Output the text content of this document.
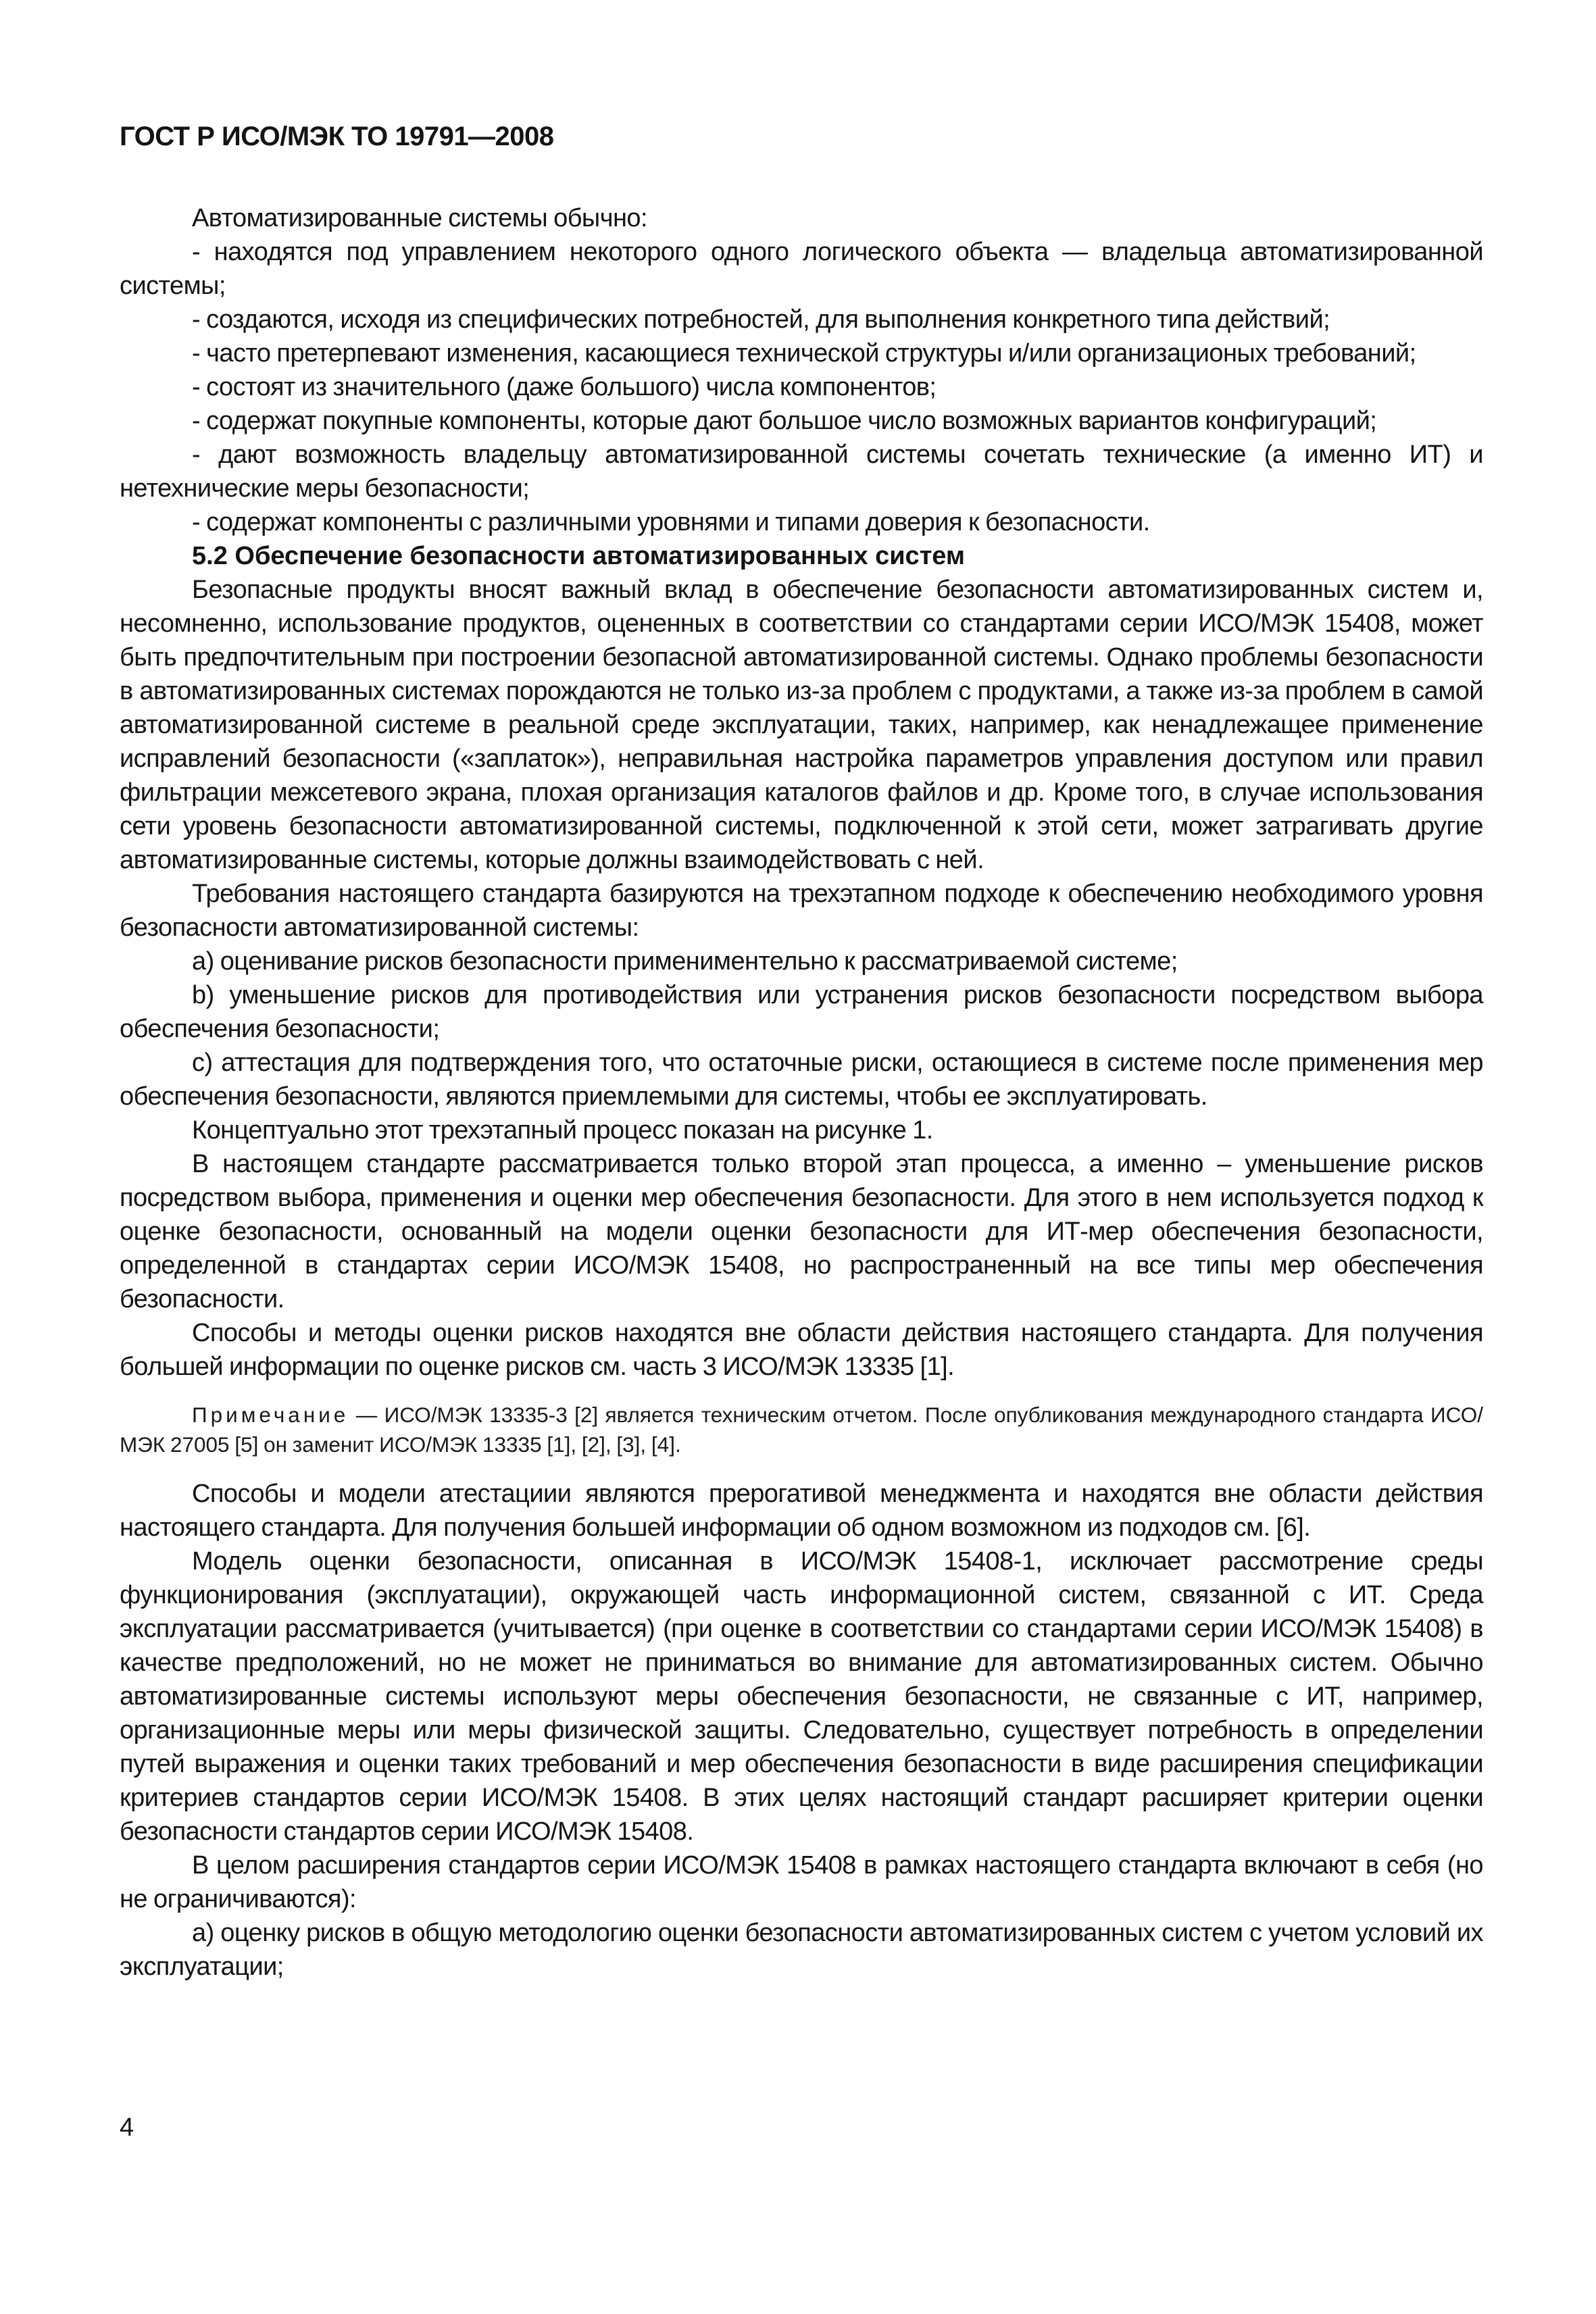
ГОСТ Р ИСО/МЭК ТО 19791—2008

Автоматизированные системы обычно:

- находятся под управлением некоторого одного логического объекта — владельца автоматизированной системы;

- создаются, исходя из специфических потребностей, для выполнения конкретного типа действий;

- часто претерпевают изменения, касающиеся технической структуры и/или организационых требований;

- состоят из значительного (даже большого) числа компонентов;

- содержат покупные компоненты, которые дают большое число возможных вариантов конфигураций;

- дают возможность владельцу автоматизированной системы сочетать технические (а именно ИТ) и нетехнические меры безопасности;

- содержат компоненты с различными уровнями и типами доверия к безопасности.

5.2 Обеспечение безопасности автоматизированных систем

Безопасные продукты вносят важный вклад в обеспечение безопасности автоматизированных систем и, несомненно, использование продуктов, оцененных в соответствии со стандартами серии ИСО/МЭК 15408, может быть предпочтительным при построении безопасной автоматизированной системы. Однако проблемы безопасности в автоматизированных системах порождаются не только из-за проблем с продуктами, а также из-за проблем в самой автоматизированной системе в реальной среде эксплуатации, таких, например, как ненадлежащее применение исправлений безопасности («заплаток»), неправильная настройка параметров управления доступом или правил фильтрации межсетевого экрана, плохая организация каталогов файлов и др. Кроме того, в случае использования сети уровень безопасности автоматизированной системы, подключенной к этой сети, может затрагивать другие автоматизированные системы, которые должны взаимодействовать с ней.

Требования настоящего стандарта базируются на трехэтапном подходе к обеспечению необходимого уровня безопасности автоматизированной системы:

a) оценивание рисков безопасности примениментельно к рассматриваемой системе;

b) уменьшение рисков для противодействия или устранения рисков безопасности посредством выбора обеспечения безопасности;

c) аттестация для подтверждения того, что остаточные риски, остающиеся в системе после применения мер обеспечения безопасности, являются приемлемыми для системы, чтобы ее эксплуатировать.

Концептуально этот трехэтапный процесс показан на рисунке 1.

В настоящем стандарте рассматривается только второй этап процесса, а именно – уменьшение рисков посредством выбора, применения и оценки мер обеспечения безопасности. Для этого в нем используется подход к оценке безопасности, основанный на модели оценки безопасности для ИТ-мер обеспечения безопасности, определенной в стандартах серии ИСО/МЭК 15408, но распространенный на все типы мер обеспечения безопасности.

Способы и методы оценки рисков находятся вне области действия настоящего стандарта. Для получения большей информации по оценке рисков см. часть 3 ИСО/МЭК 13335 [1].

Примечание — ИСО/МЭК 13335-3 [2] является техническим отчетом. После опубликования международного стандарта ИСО/МЭК 27005 [5] он заменит ИСО/МЭК 13335 [1], [2], [3], [4].

Способы и модели атестациии являются прерогативой менеджмента и находятся вне области действия настоящего стандарта. Для получения большей информации об одном возможном из подходов см. [6].

Модель оценки безопасности, описанная в ИСО/МЭК 15408-1, исключает рассмотрение среды функционирования (эксплуатации), окружающей часть информационной систем, связанной с ИТ. Среда эксплуатации рассматривается (учитывается) (при оценке в соответствии со стандартами серии ИСО/МЭК 15408) в качестве предположений, но не может не приниматься во внимание для автоматизированных систем. Обычно автоматизированные системы используют меры обеспечения безопасности, не связанные с ИТ, например, организационные меры или меры физической защиты. Следовательно, существует потребность в определении путей выражения и оценки таких требований и мер обеспечения безопасности в виде расширения спецификации критериев стандартов серии ИСО/МЭК 15408. В этих целях настоящий стандарт расширяет критерии оценки безопасности стандартов серии ИСО/МЭК 15408.

В целом расширения стандартов серии ИСО/МЭК 15408 в рамках настоящего стандарта включают в себя (но не ограничиваются):

a) оценку рисков в общую методологию оценки безопасности автоматизированных систем с учетом условий их эксплуатации;

4
